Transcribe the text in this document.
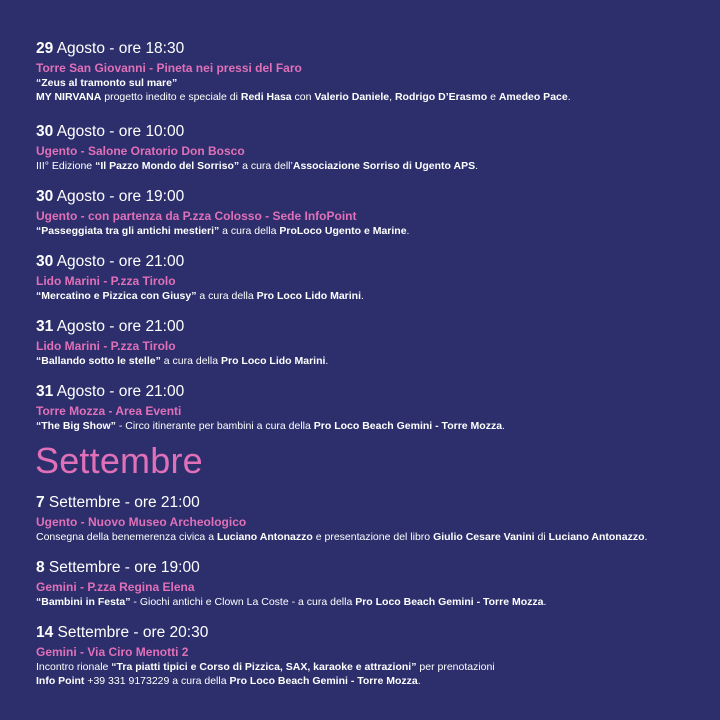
29 Agosto - ore 18:30
Torre San Giovanni - Pineta nei pressi del Faro
“Zeus al tramonto sul mare”
MY NIRVANA progetto inedito e speciale di Redi Hasa con Valerio Daniele, Rodrigo D’Erasmo e Amedeo Pace.
30 Agosto - ore 10:00
Ugento - Salone Oratorio Don Bosco
III° Edizione “Il Pazzo Mondo del Sorriso” a cura dell’Associazione Sorriso di Ugento APS.
30 Agosto - ore 19:00
Ugento - con partenza da P.zza Colosso - Sede InfoPoint
“Passeggiata tra gli antichi mestieri” a cura della ProLoco Ugento e Marine.
30 Agosto - ore 21:00
Lido Marini - P.zza Tirolo
“Mercatino e Pizzica con Giusy” a cura della Pro Loco Lido Marini.
31 Agosto - ore 21:00
Lido Marini - P.zza Tirolo
“Ballando sotto le stelle” a cura della Pro Loco Lido Marini.
31 Agosto - ore 21:00
Torre Mozza - Area Eventi
“The Big Show” - Circo itinerante per bambini a cura della Pro Loco Beach Gemini - Torre Mozza.
Settembre
7 Settembre - ore 21:00
Ugento - Nuovo Museo Archeologico
Consegna della benemerenza civica a Luciano Antonazzo e presentazione del libro Giulio Cesare Vanini di Luciano Antonazzo.
8 Settembre - ore 19:00
Gemini - P.zza Regina Elena
“Bambini in Festa” - Giochi antichi e Clown La Coste - a cura della Pro Loco Beach Gemini - Torre Mozza.
14 Settembre - ore 20:30
Gemini - Via Ciro Menotti 2
Incontro rionale “Tra piatti tipici e Corso di Pizzica, SAX, karaoke e attrazioni” per prenotazioni
Info Point +39 331 9173229 a cura della Pro Loco Beach Gemini - Torre Mozza.
